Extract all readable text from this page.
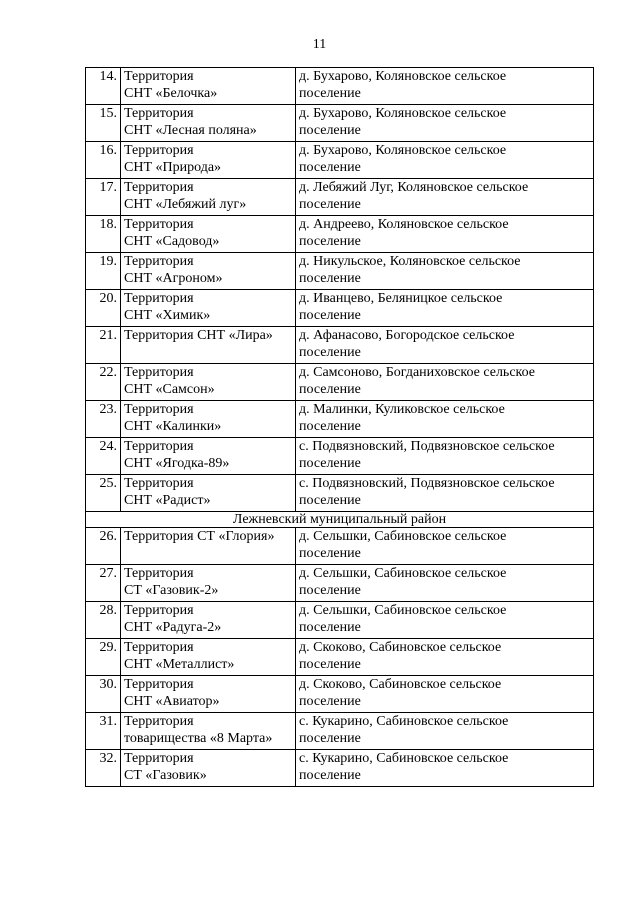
11
14.	Территория
СНТ «Белочка»	д. Бухарово, Коляновское сельское
поселение

15.	Территория
СНТ «Лесная поляна»	д. Бухарово, Коляновское сельское
поселение

16.	Территория
СНТ «Природа»	д. Бухарово, Коляновское сельское
поселение

17.	Территория
СНТ «Лебяжий луг»	д. Лебяжий Луг, Коляновское сельское
поселение

18.	Территория
СНТ «Садовод»	д. Андреево, Коляновское сельское
поселение

19.	Территория
СНТ «Агроном»	д. Никульское, Коляновское сельское
поселение

20.	Территория
СНТ «Химик»	д. Иванцево, Беляницкое сельское
поселение

21.	Территория СНТ «Лира»	д. Афанасово, Богородское сельское
поселение

22.	Территория
СНТ «Самсон»	д. Самсоново, Богданиховское сельское
поселение

23.	Территория
СНТ «Калинки»	д. Малинки, Куликовское сельское
поселение

24.	Территория
СНТ «Ягодка-89»	с. Подвязновский, Подвязновское сельское
поселение

25.	Территория
СНТ «Радист»	с. Подвязновский, Подвязновское сельское
поселение

Лежневский муниципальный район		
26.	Территория СТ «Глория»	д. Сельшки, Сабиновское сельское
поселение

27.	Территория
СТ «Газовик-2»	д. Сельшки, Сабиновское сельское
поселение

28.	Территория
СНТ «Радуга-2»	д. Сельшки, Сабиновское сельское
поселение

29.	Территория
СНТ «Металлист»	д. Скоково, Сабиновское сельское
поселение

30.	Территория
СНТ «Авиатор»	д. Скоково, Сабиновское сельское
поселение

31.	Территория
товарищества «8 Марта»	с. Кукарино, Сабиновское сельское
поселение

32.	Территория
СТ «Газовик»	с. Кукарино, Сабиновское сельское
поселение
